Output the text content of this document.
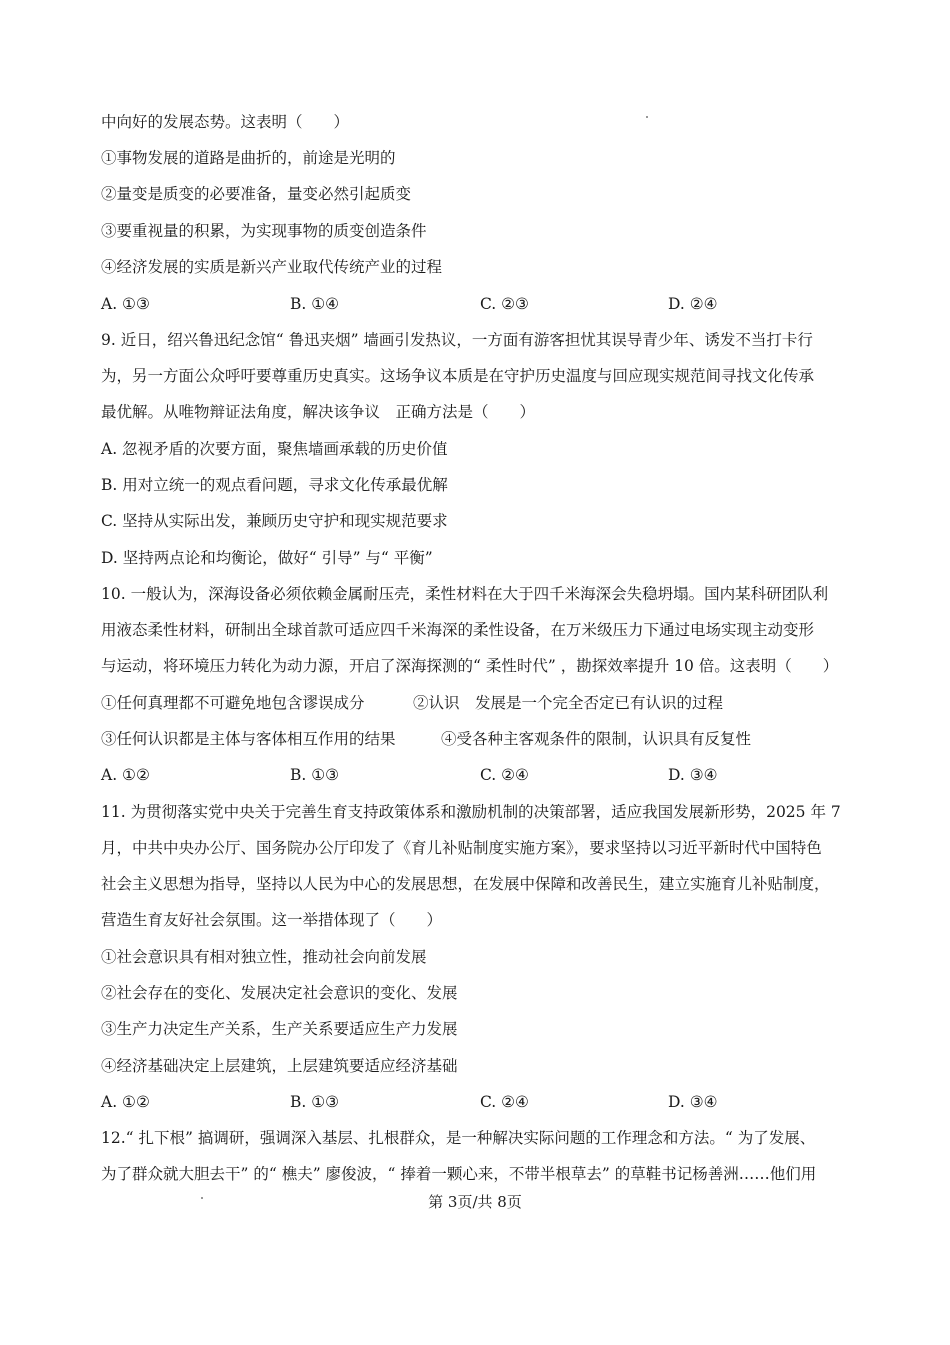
中向好的发展态势。这表明（　　）
①事物发展的道路是曲折的，前途是光明的
②量变是质变的必要准备，量变必然引起质变
③要重视量的积累，为实现事物的质变创造条件
④经济发展的实质是新兴产业取代传统产业的过程
A. ①③	B. ①④	C. ②③	D. ②④
9. 近日，绍兴鲁迅纪念馆“ 鲁迅夹烟” 墙画引发热议，一方面有游客担忧其误导青少年、诱发不当打卡行
为，另一方面公众呼吁要尊重历史真实。这场争议本质是在守护历史温度与回应现实规范间寻找文化传承
最优解。从唯物辩证法角度，解决该争议　正确方法是（　　）
A. 忽视矛盾的次要方面，聚焦墙画承载的历史价值
B. 用对立统一的观点看问题，寻求文化传承最优解
C. 坚持从实际出发，兼顾历史守护和现实规范要求
D. 坚持两点论和均衡论，做好“ 引导” 与“ 平衡”
10. 一般认为，深海设备必须依赖金属耐压壳，柔性材料在大于四千米海深会失稳坍塌。国内某科研团队利
用液态柔性材料，研制出全球首款可适应四千米海深的柔性设备，在万米级压力下通过电场实现主动变形
与运动，将环境压力转化为动力源，开启了深海探测的“ 柔性时代” ，勘探效率提升 10 倍。这表明（　　）
①任何真理都不可避免地包含谬误成分	②认识　发展是一个完全否定已有认识的过程
③任何认识都是主体与客体相互作用的结果	④受各种主客观条件的限制，认识具有反复性
A. ①②	B. ①③	C. ②④	D. ③④
11. 为贯彻落实党中央关于完善生育支持政策体系和激励机制的决策部署，适应我国发展新形势，2025 年 7
月，中共中央办公厅、国务院办公厅印发了《育儿补贴制度实施方案》，要求坚持以习近平新时代中国特色
社会主义思想为指导，坚持以人民为中心的发展思想，在发展中保障和改善民生，建立实施育儿补贴制度，
营造生育友好社会氛围。这一举措体现了（　　）
①社会意识具有相对独立性，推动社会向前发展
②社会存在的变化、发展决定社会意识的变化、发展
③生产力决定生产关系，生产关系要适应生产力发展
④经济基础决定上层建筑，上层建筑要适应经济基础
A. ①②	B. ①③	C. ②④	D. ③④
12.“ 扎下根” 搞调研，强调深入基层、扎根群众，是一种解决实际问题的工作理念和方法。“ 为了发展、
为了群众就大胆去干” 的“ 樵夫” 廖俊波，“ 捧着一颗心来，不带半根草去” 的草鞋书记杨善洲……他们用
第 3页/共 8页
